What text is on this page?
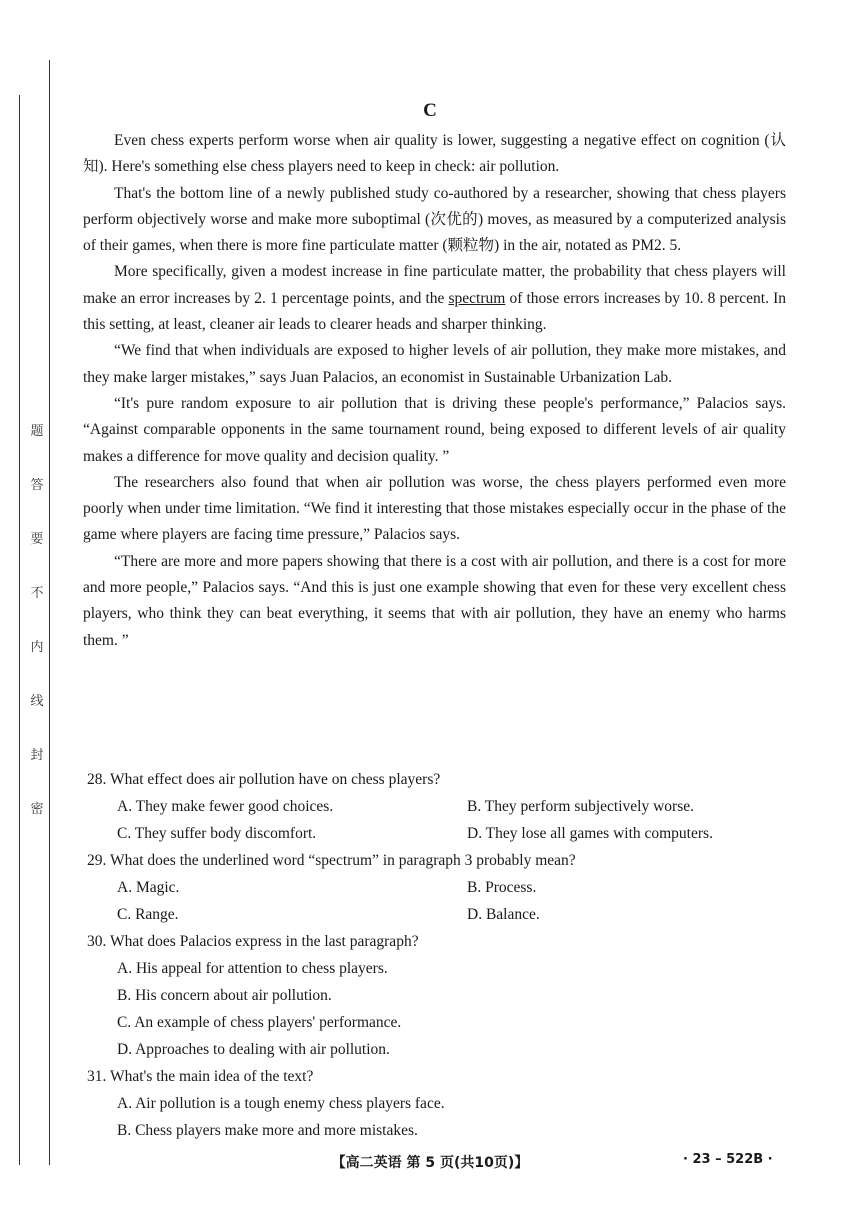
题
答
要
不
内
线
封
密
C

Even chess experts perform worse when air quality is lower, suggesting a negative effect on cognition (认知). Here's something else chess players need to keep in check: air pollution.

That's the bottom line of a newly published study co-authored by a researcher, showing that chess players perform objectively worse and make more suboptimal (次优的) moves, as measured by a computerized analysis of their games, when there is more fine particulate matter (颗粒物) in the air, notated as PM2. 5.

More specifically, given a modest increase in fine particulate matter, the probability that chess players will make an error increases by 2. 1 percentage points, and the spectrum of those errors increases by 10. 8 percent. In this setting, at least, cleaner air leads to clearer heads and sharper thinking.

“We find that when individuals are exposed to higher levels of air pollution, they make more mistakes, and they make larger mistakes,” says Juan Palacios, an economist in Sustainable Urbanization Lab.

“It's pure random exposure to air pollution that is driving these people's performance,” Palacios says. “Against comparable opponents in the same tournament round, being exposed to different levels of air quality makes a difference for move quality and decision quality. ”

The researchers also found that when air pollution was worse, the chess players performed even more poorly when under time limitation. “We find it interesting that those mistakes especially occur in the phase of the game where players are facing time pressure,” Palacios says.

“There are more and more papers showing that there is a cost with air pollution, and there is a cost for more and more people,” Palacios says. “And this is just one example showing that even for these very excellent chess players, who think they can beat everything, it seems that with air pollution, they have an enemy who harms them. ”

28. What effect does air pollution have on chess players?

A. They make fewer good choices.	B. They perform subjectively worse.
C. They suffer body discomfort.	D. They lose all games with computers.

29. What does the underlined word “spectrum” in paragraph 3 probably mean?

A. Magic.	B. Process.
C. Range.	D. Balance.

30. What does Palacios express in the last paragraph?

A. His appeal for attention to chess players.
B. His concern about air pollution.
C. An example of chess players' performance.
D. Approaches to dealing with air pollution.

31. What's the main idea of the text?

A. Air pollution is a tough enemy chess players face.
B. Chess players make more and more mistakes.
【高二英语 第 5 页(共10页)】	· 23 – 522B ·
